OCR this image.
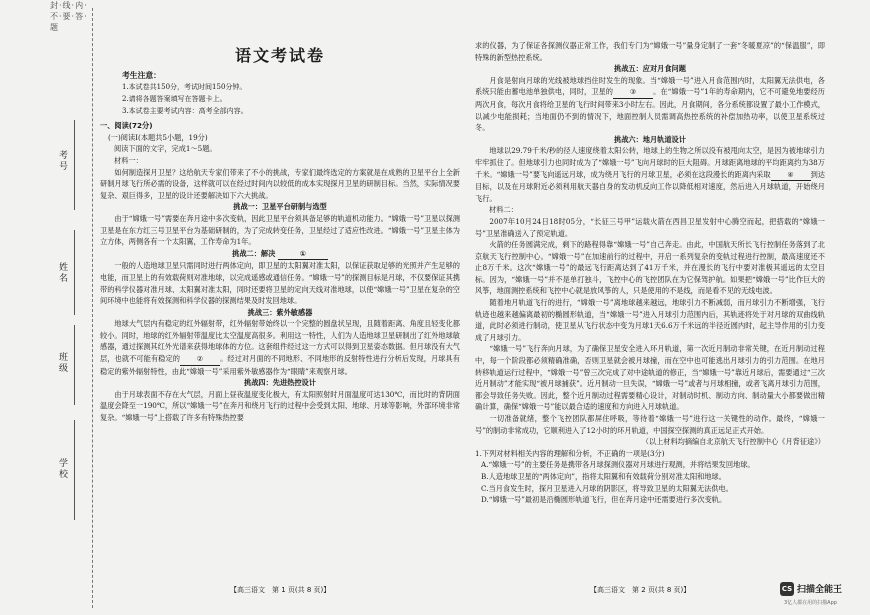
封·线·内·不·要·答·题
考号
姓名
班级
学校
语文考试卷
考生注意：
1.本试卷共150分，考试时间150分钟。
2.请将各题答案填写在答题卡上。
3.本试卷主要考试内容：高考全部内容。
一、阅读(72分)
(一)阅读Ⅰ(本题共5小题，19分)
阅读下面的文字，完成1～5题。
材料一：

如何制造探月卫星？这给航天专家们带来了不小的挑战，专家们最终选定的方案就是在成熟的卫星平台上全新研制月球飞行所必需的设备，这样就可以在经过时间内以较低的成本实现探月卫星的研制目标。当然，实际情况要复杂、艰巨得多，卫星的设计还要解决如下六大挑战。

挑战一：卫星平台研制与选型

由于“嫦娥一号”需要在奔月途中多次变轨，因此卫星平台须具备足够的轨道机动能力。“嫦娥一号”卫星以探测卫星是在东方红三号卫星平台为基础研制的，为了完成转变任务，卫星经过了适应性改进。“嫦娥一号”卫星主体为立方体，两侧各有一个太阳翼，工作寿命为1年。

挑战二：解决	①

一般的人造地球卫星只需同时进行两体定向，即卫星的太阳翼对准太阳，以保证获取足够的光照并产生足够的电能，而卫星上的有效载荷则对准地球，以完成遥感或通信任务。“嫦娥一号”的探测目标是月球，不仅要保证其携带的科学仪器对准月球、太阳翼对准太阳，同时还要将卫星的定向天线对准地球，以使“嫦娥一号”卫星在复杂的空间环境中也能将有效探测和科学仪器的探测结果及时发回地球。

挑战三：紫外敏感器

地球大气层内有稳定的红外辐射带，红外辐射带始终以一个完整的圆盘状呈现，且随着距离、角度且轻变化都较小。同时，地球的红外辐射带温度比太空温度高很多。利用这一特性，人们为人造地球卫星研制出了红外地球敏感器，通过探测其红外光谱来获得地球体的方位。这套组件经过这一方式可以得到卫星姿态数据。但月球没有大气层，也就不可能有稳定的 ② 。经过对月面的不同地形、不同地形的反射特性进行分析后发现，月球具有稳定的紫外辐射特性，由此“嫦娥一号”采用紫外敏感器作为“眼睛”来观察月球。

挑战四：先进热控设计

由于月球表面不存在大气层，月面上昼夜温度变化极大，有太阳照射时月面温度可达130℃，而比时的背阴面温度会降至一190℃，所以“嫦娥一号”在奔月和绕月飞行的过程中会受到太阳、地球、月球等影响，外部环境非常复杂。“嫦娥一号”上搭载了许多有特殊热控要

【高三语文　第 1 页(共 8 页)】

求的仪器，为了保证各探测仪器正常工作，我们专门为“嫦娥一号”量身定制了一套“冬暖夏凉”的“保温服”，即特殊的新型热控系统。

挑战五：应对月食问题

月食是射向月球的光线被地球挡住时发生的现象。当“嫦娥一号”进入月食范围内时，太阳翼无法供电，各系统只能由蓄电池单独供电，同时，卫星的 ③ 。在“嫦娥一号”1年的寿命期内，它不可避免地要经历两次月食，每次月食将给卫星的飞行时间带来3小时左右。因此，月食期间，各分系统都设置了最小工作模式，以减少电能损耗；当地面仍不到的情况下，地面控制人员需调高热控系统的补偿加热功率，以使卫星系统过冬。

挑战六：地月轨道设计

地球以29.79千米/秒的径人速度绕着太阳公转，地球上的生物之所以没有被甩向太空，是因为被地球引力牢牢抓住了。但地球引力也同时成为了“嫦娥一号”飞向月球时的巨大阻碍。月球距离地球的平均距离约为38万千米。“嫦娥一号”要飞向遥远月球，成为绕月飞行的月球卫星，必须在这段漫长的距离内采取 ④ 到达目标，以及在月球附近必须利用航天器自身的发动机反向工作以降低相对速度，然后进入月球轨道，开始绕月飞行。

材料二：

2007年10月24日18时05分，“长征三号甲”运载火箭在西昌卫星发射中心腾空而起，把搭载的“嫦娥一号”卫星准确送入了预定轨道。

火箭的任务圆满完成，剩下的路程得靠“嫦娥一号”自己奔走。由此，中国航天所长飞行控制任务落到了北京航天飞行控制中心。“嫦娥一号”在加速前行的过程中，开启一系列复杂的变轨过程进行控制，最高速度还不止8万千米。这次“嫦娥一号”的最远飞行距离达到了41万千米，并在漫长的飞行中要对准极其遥远的太空目标。因为，“嫦娥一号”并不是单打独斗，飞控中心的飞控团队在为它保驾护航。如果把“嫦娥一号”比作巨大的风筝，地面测控系统和飞控中心就是放风筝的人，只是使用的不是线，而是看不见的无线电波。

随着地月轨道飞行的进行，“嫦娥一号”离地球越来越远，地球引力不断减弱，而月球引力不断增强，飞行轨迹也越来越偏离最初的椭圆形轨道，当“嫦娥一号”进入月球引力范围内后，其轨迹将处于对月球的双曲线轨道，此时必须进行制动，使卫星从飞行状态中变为月球1天6.6万千米远的半径近圆内时，起主导作用的引力变成了月球引力。

“嫦娥一号”飞行奔向月球，为了确保卫星安全进入环月轨道，第一次近月制动非常关键，在近月制动过程中，每一个阶段都必须精确准确，否则卫星就会被月球撞，而在空中也可能逃出月球引力的引力范围。在地月转移轨道运行过程中，“嫦娥一号”曾三次完成了对中途轨道的修正，当“嫦娥一号”靠近月球后，需要通过“三次近月制动”才能实现“被月球捕获”。近月制动一旦失误，“嫦娥一号”或者与月球相撞，或者飞离月球引力范围，都会导致任务失败。因此，整个近月制动过程需要精心设计，对制动时机、制动方向、制动量大小都要做出精确计算，确保“嫦娥一号”能以最合适的速度和方向进入月球轨道。

一切准备就绪，整个飞控团队都屏住呼吸，等待着“嫦娥一号”进行这一关键性的动作。最终，“嫦娥一号”的制动非常成功，它顺利进入了12小时的环月轨道，中国探空探测的真正远足正式开始。

（以上材料均摘编自北京航天飞行控制中心《月背征途》）
1.下列对材料相关内容的理解和分析，不正确的一项是(3分)
A.“嫦娥一号”的主要任务是携带各月球探测仪器对月球进行观测，并将结果发回地球。
B.人造地球卫星的“两体定向”，指将太阳翼和有效载荷分别对准太阳和地球。
C.当月食发生时，探月卫星进入月球的阴影区，将导致卫星的太阳翼无法供电。
D.“嫦娥一号”最初是沿椭圆形轨道飞行，但在奔月途中还需要进行多次变轨。
【高三语文　第 2 页(共 8 页)】	CS 扫描全能王
3亿人都在用的扫描App
